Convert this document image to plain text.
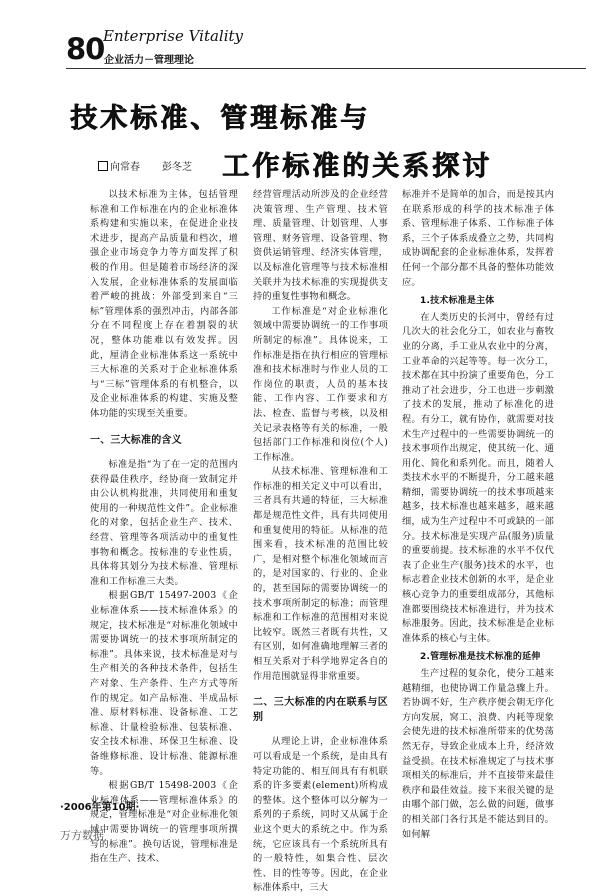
80
Enterprise Vitality
企业活力－管理理论
技术标准、管理标准与
向常春 彭冬芝 工作标准的关系探讨

以技术标准为主体，包括管理标准和工作标准在内的企业标准体系构建和实施以来，在促进企业技术进步，提高产品质量和档次，增强企业市场竞争力等方面发挥了积极的作用。但是随着市场经济的深入发展，企业标准体系的发展面临着严峻的挑战：外部受到来自“三标”管理体系的强烈冲击，内部各部分在不同程度上存在着割裂的状况，整体功能难以有效发挥。因此，厘清企业标准体系这一系统中三大标准的关系对于企业标准体系与“三标”管理体系的有机整合，以及企业标准体系的构建、实施及整体功能的实现至关重要。

一、三大标准的含义

标准是指“为了在一定的范围内获得最佳秩序，经协商一致制定并由公认机构批准，共同使用和重复使用的一种规范性文件”。企业标准化的对象，包括企业生产、技术、经营、管理等各项活动中的重复性事物和概念。按标准的专业性质，具体将其划分为技术标准、管理标准和工作标准三大类。

根据GB/T 15497-2003《企业标准体系——技术标准体系》的规定，技术标准是“对标准化领域中需要协调统一的技术事项所制定的标准”。具体来说，技术标准是对与生产相关的各种技术条件，包括生产对象、生产条件、生产方式等所作的规定。如产品标准、半成品标准、原材料标准、设备标准、工艺标准、计量检验标准、包装标准、安全技术标准、环保卫生标准、设备维修标准、设计标准、能源标准等。

根据GB/T 15498-2003《企业标准体系——管理标准体系》的规定，管理标准是“对企业标准化领域中需要协调统一的管理事项所撰写的标准”。换句话说，管理标准是指在生产、技术、

经营管理活动所涉及的企业经营决策管理、生产管理、技术管理、质量管理、计划管理、人事管理、财务管理、设备管理、物资供运销管理、经济实体管理，以及标准化管理等与技术标准相关联并为技术标准的实现提供支持的重复性事物和概念。

工作标准是“对企业标准化领域中需要协调统一的工作事项所制定的标准”。具体说来，工作标准是指在执行相应的管理标准和技术标准时与作业人员的工作岗位的职责，人员的基本技能、工作内容、工作要求和方法、检查、监督与考核，以及相关记录表格等有关的标准，一般包括部门工作标准和岗位(个人)工作标准。

从技术标准、管理标准和工作标准的相关定义中可以看出，三者具有共通的特征，三大标准都是规范性文件，具有共同使用和重复使用的特征。从标准的范围来看，技术标准的范围比较广，是相对整个标准化领域而言的，是对国家的、行业的、企业的，甚至国际的需要协调统一的技术事项所制定的标准；而管理标准和工作标准的范围相对来说比较窄。既然三者既有共性，又有区别，如何准确地理解三者的相互关系对于科学地界定各自的作用范围就显得非常重要。

二、三大标准的内在联系与区别

从理论上讲，企业标准体系可以看成是一个系统，是由具有特定功能的、相互间具有有机联系的许多要素(element)所构成的整体。这个整体可以分解为一系列的子系统，同时又从属于企业这个更大的系统之中。作为系统，它应该具有一个系统所具有的一般特性，如集合性、层次性、目的性等等。因此，在企业标准体系中，三大

标准并不是简单的加合，而是按其内在联系形成的科学的技术标准子体系、管理标准子体系、工作标准子体系，三个子体系成叠立之势，共同构成协调配套的企业标准体系，发挥着任何一个部分都不具备的整体功能效应。

1.技术标准是主体

在人类历史的长河中，曾经有过几次大的社会化分工，如农业与畜牧业的分离，手工业从农业中的分离，工业革命的兴起等等。每一次分工，技术都在其中扮演了重要角色，分工推动了社会进步，分工也进一步刺激了技术的发展，推动了标准化的进程。有分工，就有协作，就需要对技术生产过程中的一些需要协调统一的技术事项作出规定，使其统一化、通用化、简化和系列化。而且，随着人类技术水平的不断提升，分工越来越精细，需要协调统一的技术事项越来越多，技术标准也越来越多，越来越细，成为生产过程中不可或缺的一部分。技术标准是实现产品(服务)质量的重要前提。技术标准的水平不仅代表了企业生产(服务)技术的水平，也标志着企业技术创新的水平，是企业核心竞争力的重要组成部分，其他标准都要围绕技术标准进行，并为技术标准服务。因此，技术标准是企业标准体系的核心与主体。

2.管理标准是技术标准的延伸

生产过程的复杂化，使分工越来越精细，也使协调工作量急骤上升。若协调不好，生产秩序便会朝无序化方向发展，窝工、浪费、内耗等现象会使先进的技术标准所带来的优势荡然无存，导致企业成本上升，经济效益受损。在技术标准规定了与技术事项相关的标准后，并不直接带来最佳秩序和最佳效益。接下来很关键的是由哪个部门做，怎么做的问题，做事的相关部门各行其是不能达到目的。如何解

·2006年第10期·
万方数据
